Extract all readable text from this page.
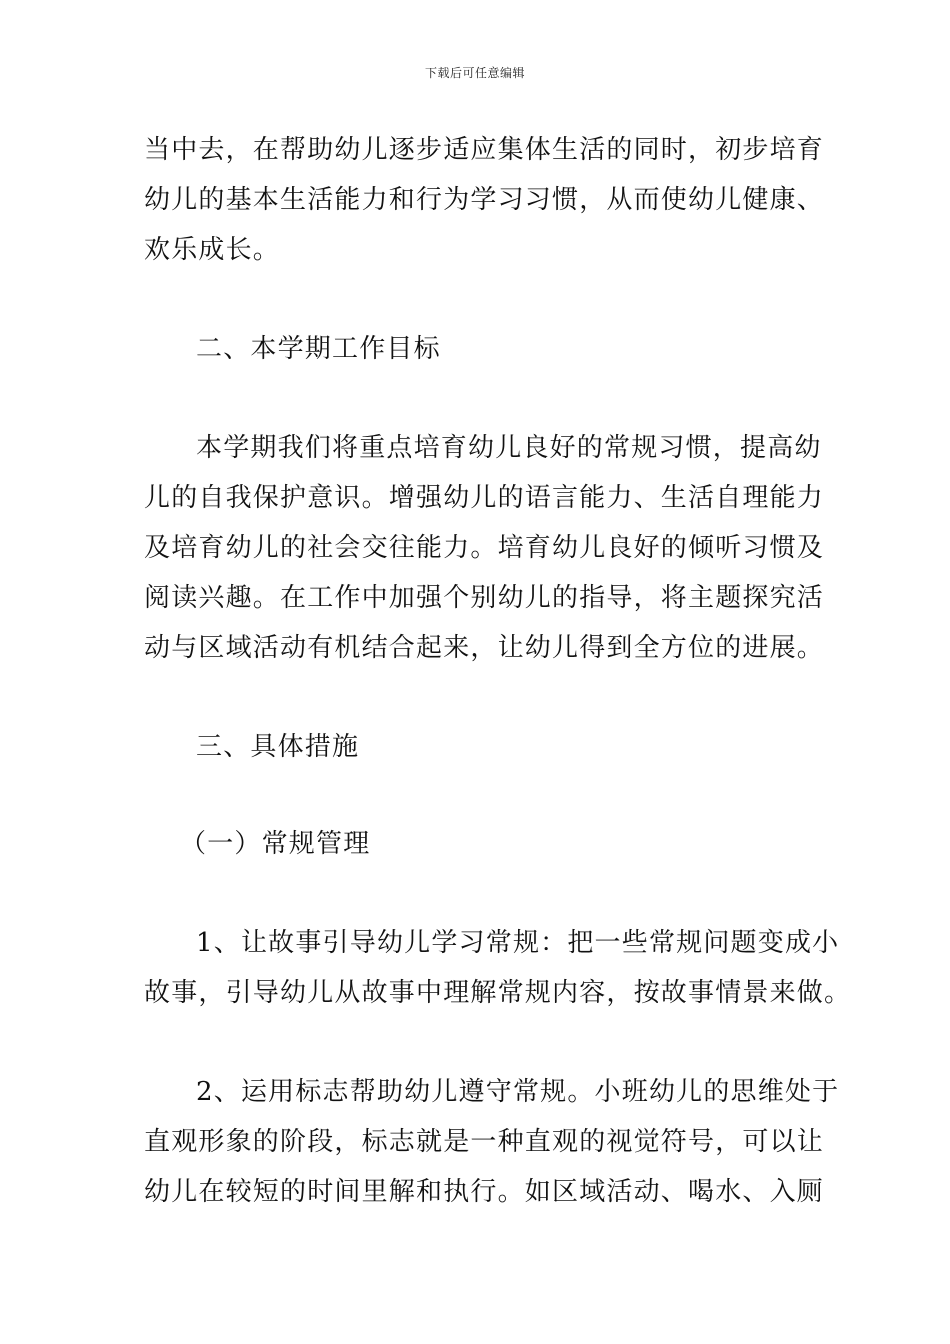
下载后可任意编辑
当中去，在帮助幼儿逐步适应集体生活的同时，初步培育
幼儿的基本生活能力和行为学习习惯，从而使幼儿健康、
欢乐成长。
二、本学期工作目标
本学期我们将重点培育幼儿良好的常规习惯，提高幼
儿的自我保护意识。增强幼儿的语言能力、生活自理能力
及培育幼儿的社会交往能力。培育幼儿良好的倾听习惯及
阅读兴趣。在工作中加强个别幼儿的指导，将主题探究活
动与区域活动有机结合起来，让幼儿得到全方位的进展。
三、具体措施
（一）常规管理
1、让故事引导幼儿学习常规：把一些常规问题变成小
故事，引导幼儿从故事中理解常规内容，按故事情景来做。
2、运用标志帮助幼儿遵守常规。小班幼儿的思维处于
直观形象的阶段，标志就是一种直观的视觉符号，可以让
幼儿在较短的时间里解和执行。如区域活动、喝水、入厕
